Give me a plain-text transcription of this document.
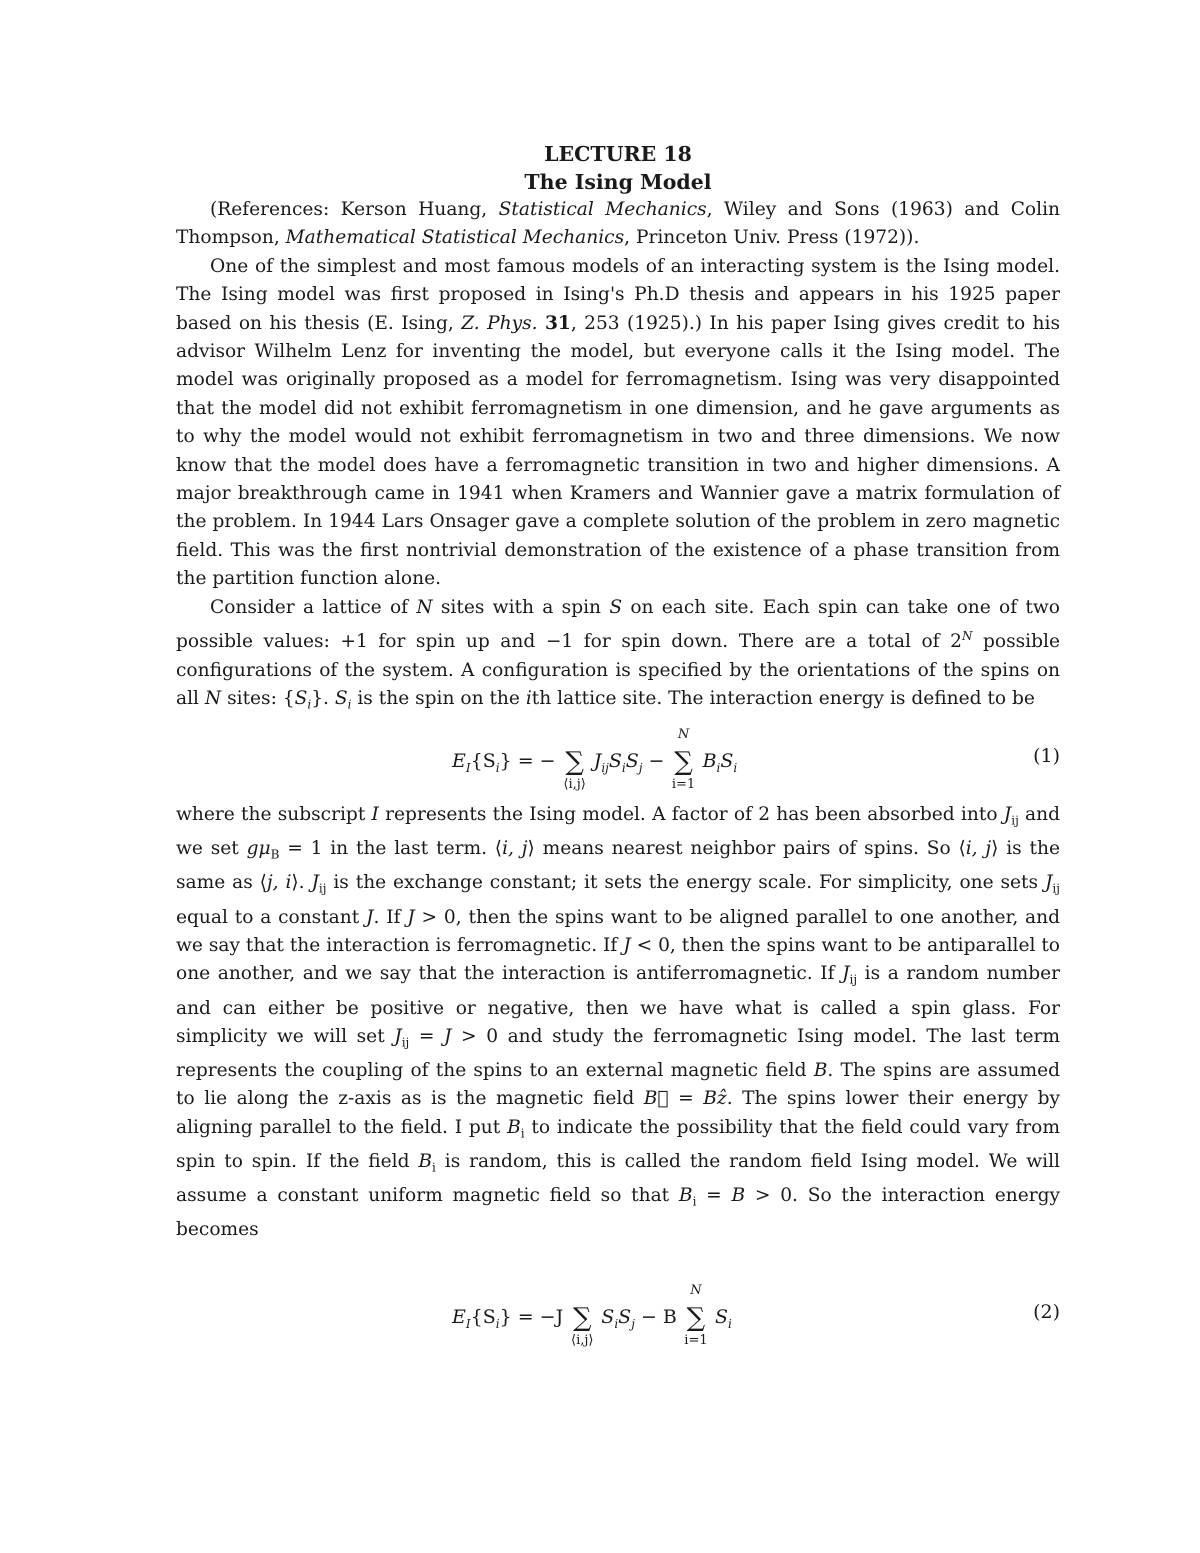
LECTURE 18
The Ising Model

(References: Kerson Huang, Statistical Mechanics, Wiley and Sons (1963) and Colin Thompson, Mathematical Statistical Mechanics, Princeton Univ. Press (1972)).

One of the simplest and most famous models of an interacting system is the Ising model. The Ising model was first proposed in Ising's Ph.D thesis and appears in his 1925 paper based on his thesis (E. Ising, Z. Phys. 31, 253 (1925).) In his paper Ising gives credit to his advisor Wilhelm Lenz for inventing the model, but everyone calls it the Ising model. The model was originally proposed as a model for ferromagnetism. Ising was very disappointed that the model did not exhibit ferromagnetism in one dimension, and he gave arguments as to why the model would not exhibit ferromagnetism in two and three dimensions. We now know that the model does have a ferromagnetic transition in two and higher dimensions. A major breakthrough came in 1941 when Kramers and Wannier gave a matrix formulation of the problem. In 1944 Lars Onsager gave a complete solution of the problem in zero magnetic field. This was the first nontrivial demonstration of the existence of a phase transition from the partition function alone.

Consider a lattice of N sites with a spin S on each site. Each spin can take one of two possible values: +1 for spin up and −1 for spin down. There are a total of $2^N$ possible configurations of the system. A configuration is specified by the orientations of the spins on all N sites: $\{S_i\}$. $S_i$ is the spin on the ith lattice site. The interaction energy is defined to be

$E_I\{S_i\}$ = − ∑
⟨i,j⟩
$J_{ij}S_iS_j$ −
N
∑
i=1
$B_iS_i$
(1)

where the subscript I represents the Ising model. A factor of 2 has been absorbed into $J_{ij}$ and we set $g\mu_B = 1$ in the last term. ⟨i, j⟩ means nearest neighbor pairs of spins. So ⟨i, j⟩ is the same as ⟨j, i⟩. $J_{ij}$ is the exchange constant; it sets the energy scale. For simplicity, one sets $J_{ij}$ equal to a constant J. If J > 0, then the spins want to be aligned parallel to one another, and we say that the interaction is ferromagnetic. If J < 0, then the spins want to be antiparallel to one another, and we say that the interaction is antiferromagnetic. If $J_{ij}$ is a random number and can either be positive or negative, then we have what is called a spin glass. For simplicity we will set $J_{ij} = J > 0$ and study the ferromagnetic Ising model. The last term represents the coupling of the spins to an external magnetic field B. The spins are assumed to lie along the z-axis as is the magnetic field B⃗ = Bẑ. The spins lower their energy by aligning parallel to the field. I put $B_i$ to indicate the possibility that the field could vary from spin to spin. If the field $B_i$ is random, this is called the random field Ising model. We will assume a constant uniform magnetic field so that $B_i = B > 0$. So the interaction energy becomes

$E_I\{S_i\} = -J$ ∑
⟨i,j⟩
$S_iS_j - B$
N
∑
i=1
$S_i$
(2)
